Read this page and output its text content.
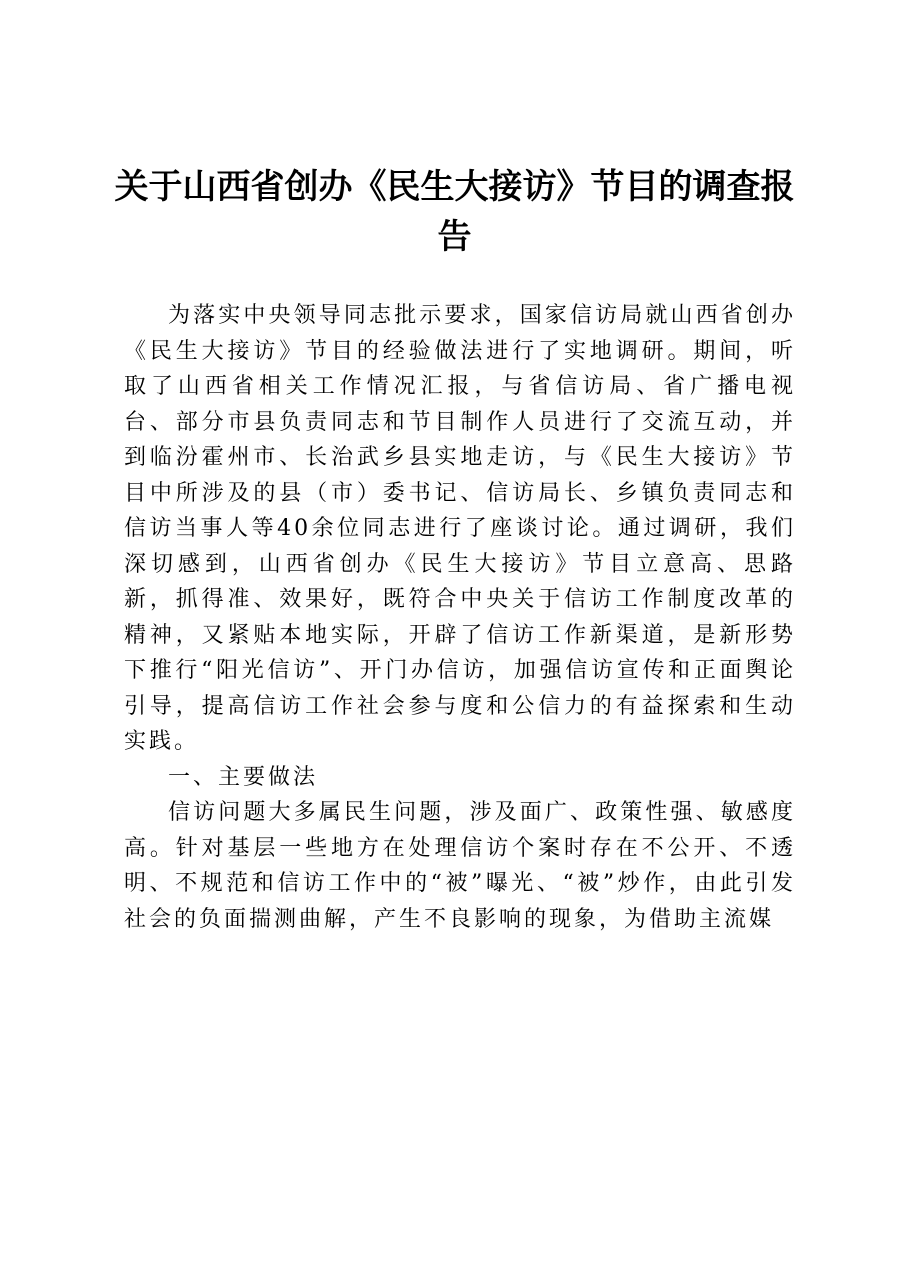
关于山西省创办《民生大接访》节目的调查报告

为落实中央领导同志批示要求，国家信访局就山西省创办《民生大接访》节目的经验做法进行了实地调研。期间，听取了山西省相关工作情况汇报，与省信访局、省广播电视台、部分市县负责同志和节目制作人员进行了交流互动，并到临汾霍州市、长治武乡县实地走访，与《民生大接访》节目中所涉及的县（市）委书记、信访局长、乡镇负责同志和信访当事人等40余位同志进行了座谈讨论。通过调研，我们深切感到，山西省创办《民生大接访》节目立意高、思路新，抓得准、效果好，既符合中央关于信访工作制度改革的精神，又紧贴本地实际，开辟了信访工作新渠道，是新形势下推行“阳光信访”、开门办信访，加强信访宣传和正面舆论引导，提高信访工作社会参与度和公信力的有益探索和生动实践。

一、主要做法

信访问题大多属民生问题，涉及面广、政策性强、敏感度高。针对基层一些地方在处理信访个案时存在不公开、不透明、不规范和信访工作中的“被”曝光、“被”炒作，由此引发社会的负面揣测曲解，产生不良影响的现象，为借助主流媒
